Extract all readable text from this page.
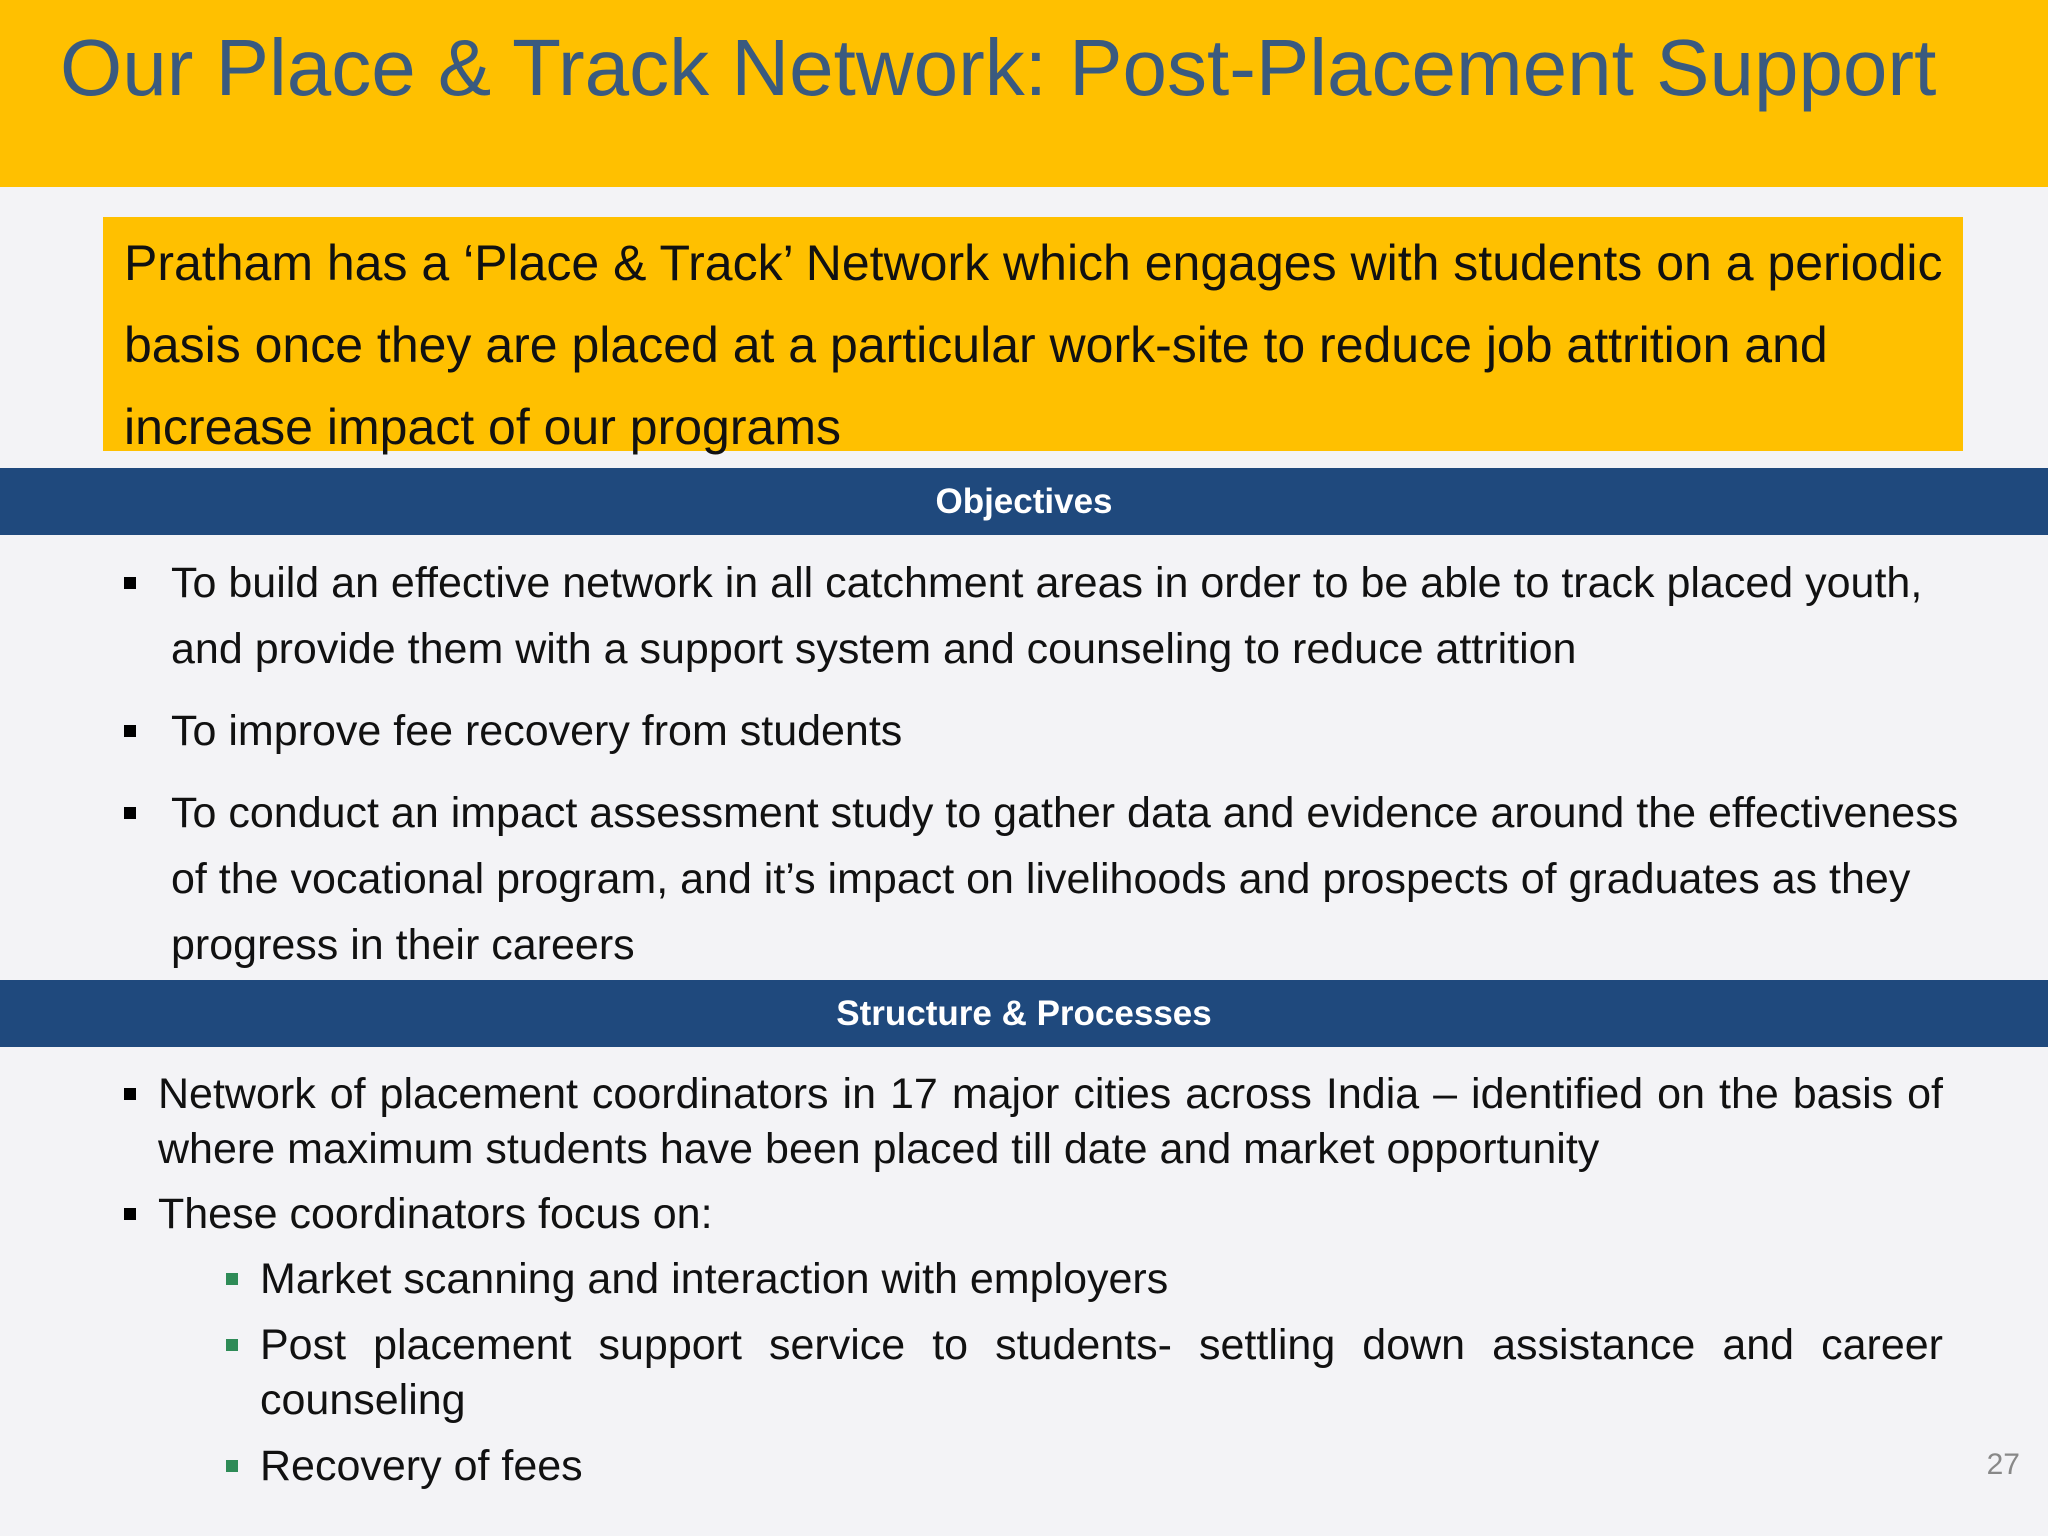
Our Place & Track Network: Post-Placement Support
Pratham has a ‘Place & Track’ Network which engages with students on a periodic basis once they are placed at a particular work-site to reduce job attrition and increase impact of our programs
Objectives
To build an effective network in all catchment areas in order to be able to track placed youth, and provide them with a support system and counseling to reduce attrition
To improve fee recovery from students
To conduct an impact assessment study to gather data and evidence around the effectiveness of the vocational program, and it’s impact on livelihoods and prospects of graduates as they progress in their careers
Structure & Processes
Network of placement coordinators in 17 major cities across India – identified on the basis of where maximum students have been placed till date and market opportunity
These coordinators focus on:
Market scanning and interaction with employers
Post placement support service to students- settling down assistance and career counseling
Recovery of fees	27
